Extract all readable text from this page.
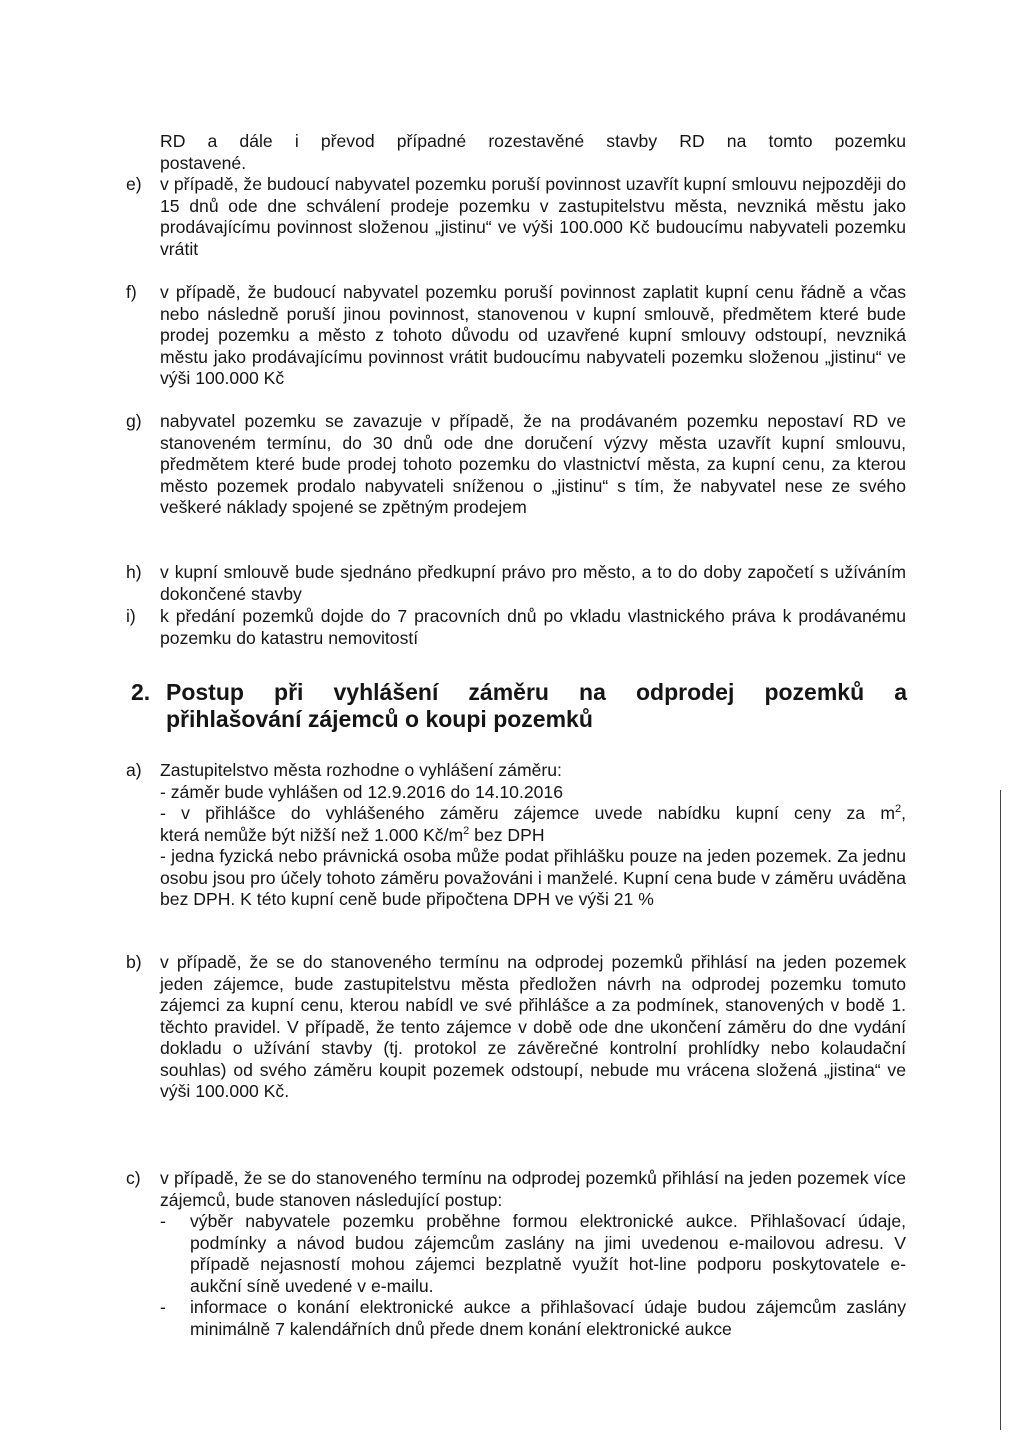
RD a dále i převod případné rozestavěné stavby RD na tomto pozemku
postavené.
e)	v případě, že budoucí nabyvatel pozemku poruší povinnost uzavřít kupní smlouvu nejpozději do 15 dnů ode dne schválení prodeje pozemku v zastupitelstvu města, nevzniká městu jako prodávajícímu povinnost složenou „jistinu“ ve výši 100.000 Kč budoucímu nabyvateli pozemku vrátit
f)	v případě, že budoucí nabyvatel pozemku poruší povinnost zaplatit kupní cenu řádně a včas nebo následně poruší jinou povinnost, stanovenou v kupní smlouvě, předmětem které bude prodej pozemku a město z tohoto důvodu od uzavřené kupní smlouvy odstoupí, nevzniká městu jako prodávajícímu povinnost vrátit budoucímu nabyvateli pozemku složenou „jistinu“ ve výši 100.000 Kč
g)	nabyvatel pozemku se zavazuje v případě, že na prodávaném pozemku nepostaví RD ve stanoveném termínu, do 30 dnů ode dne doručení výzvy města uzavřít kupní smlouvu, předmětem které bude prodej tohoto pozemku do vlastnictví města, za kupní cenu, za kterou město pozemek prodalo nabyvateli sníženou o „jistinu“ s tím, že nabyvatel nese ze svého veškeré náklady spojené se zpětným prodejem
h)	v kupní smlouvě bude sjednáno předkupní právo pro město, a to do doby započetí s užíváním dokončené stavby
i)	k předání pozemků dojde do 7 pracovních dnů po vkladu vlastnického práva k prodávanému pozemku do katastru nemovitostí
2. Postup při vyhlášení záměru na odprodej pozemků a
přihlašování zájemců o koupi pozemků
a)	Zastupitelstvo města rozhodne o vyhlášení záměru:
- záměr bude vyhlášen od 12.9.2016 do 14.10.2016
- v přihlášce do vyhlášeného záměru zájemce uvede nabídku kupní ceny za $m^2$,
která nemůže být nižší než 1.000 $Kč/m^2$ bez DPH
- jedna fyzická nebo právnická osoba může podat přihlášku pouze na jeden pozemek. Za jednu osobu jsou pro účely tohoto záměru považováni i manželé. Kupní cena bude v záměru uváděna bez DPH. K této kupní ceně bude připočtena DPH ve výši 21 %
b)	v případě, že se do stanoveného termínu na odprodej pozemků přihlásí na jeden pozemek jeden zájemce, bude zastupitelstvu města předložen návrh na odprodej pozemku tomuto zájemci za kupní cenu, kterou nabídl ve své přihlášce a za podmínek, stanovených v bodě 1. těchto pravidel. V případě, že tento zájemce v době ode dne ukončení záměru do dne vydání dokladu o užívání stavby (tj. protokol ze závěrečné kontrolní prohlídky nebo kolaudační souhlas) od svého záměru koupit pozemek odstoupí, nebude mu vrácena složená „jistina“ ve výši 100.000 Kč.
c)	v případě, že se do stanoveného termínu na odprodej pozemků přihlásí na jeden pozemek více zájemců, bude stanoven následující postup:
-	výběr nabyvatele pozemku proběhne formou elektronické aukce. Přihlašovací údaje, podmínky a návod budou zájemcům zaslány na jimi uvedenou e-mailovou adresu. V případě nejasností mohou zájemci bezplatně využít hot-line podporu poskytovatele e-aukční síně uvedené v e-mailu.
-	informace o konání elektronické aukce a přihlašovací údaje budou zájemcům zaslány minimálně 7 kalendářních dnů přede dnem konání elektronické aukce
